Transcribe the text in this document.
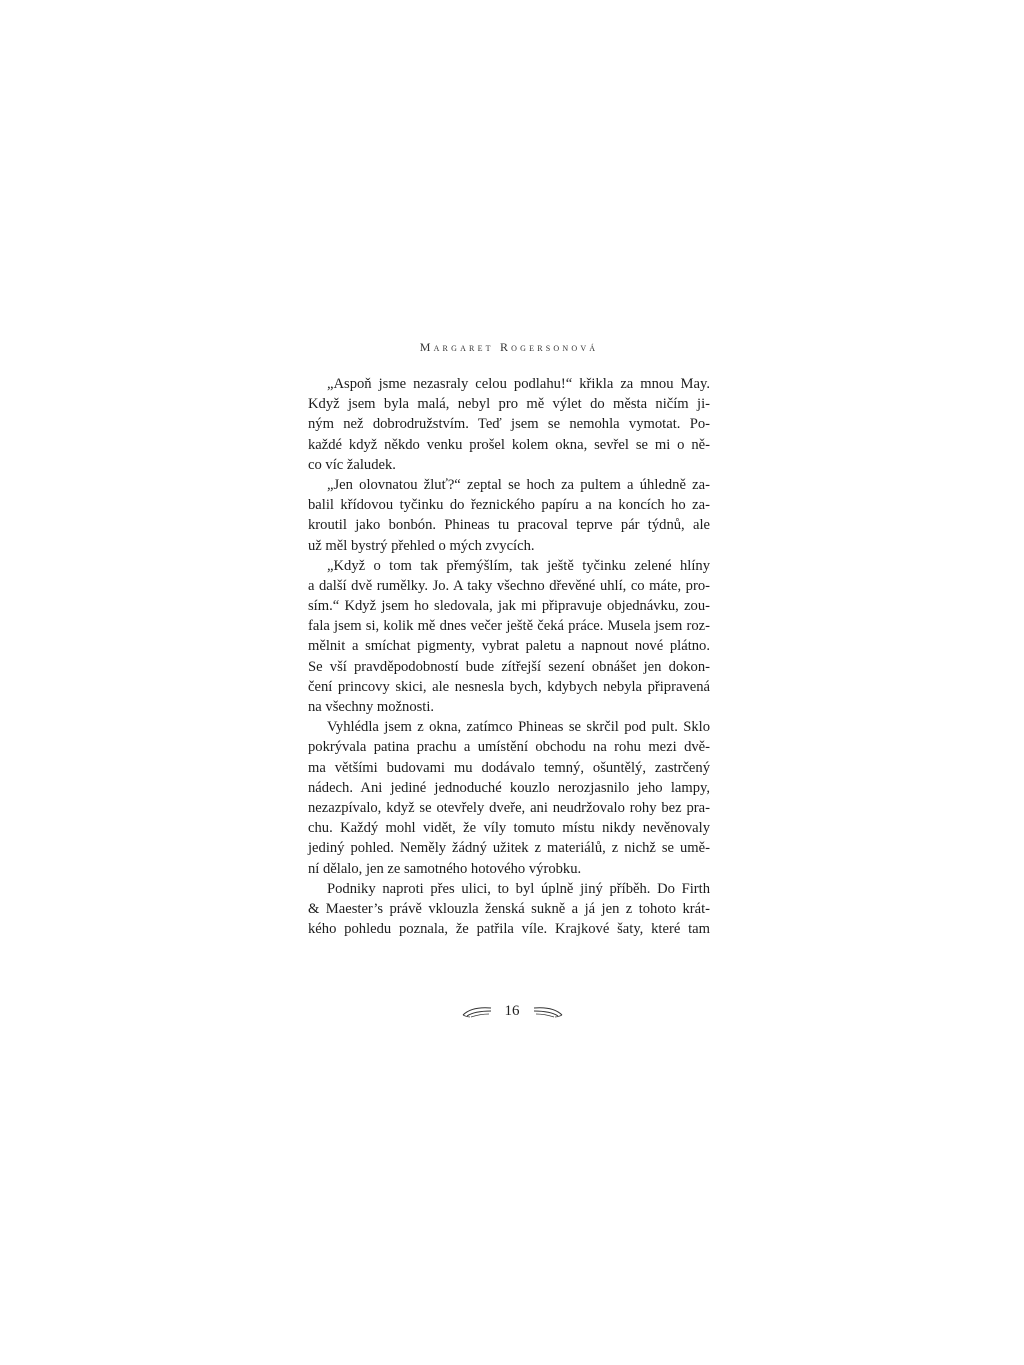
Margaret Rogersonová
„Aspoň jsme nezasraly celou podlahu!“ křikla za mnou May.
Když jsem byla malá, nebyl pro mě výlet do města ničím ji-
ným než dobrodružstvím. Teď jsem se nemohla vymotat. Po-
každé když někdo venku prošel kolem okna, sevřel se mi o ně-
co víc žaludek.
„Jen olovnatou žluť?“ zeptal se hoch za pultem a úhledně za-
balil křídovou tyčinku do řeznického papíru a na koncích ho za-
kroutil jako bonbón. Phineas tu pracoval teprve pár týdnů, ale
už měl bystrý přehled o mých zvycích.
„Když o tom tak přemýšlím, tak ještě tyčinku zelené hlíny
a další dvě rumělky. Jo. A taky všechno dřevěné uhlí, co máte, pro-
sím.“ Když jsem ho sledovala, jak mi připravuje objednávku, zou-
fala jsem si, kolik mě dnes večer ještě čeká práce. Musela jsem roz-
mělnit a smíchat pigmenty, vybrat paletu a napnout nové plátno.
Se vší pravděpodobností bude zítřejší sezení obnášet jen dokon-
čení princovy skici, ale nesnesla bych, kdybych nebyla připravená
na všechny možnosti.
Vyhlédla jsem z okna, zatímco Phineas se skrčil pod pult. Sklo
pokrývala patina prachu a umístění obchodu na rohu mezi dvě-
ma většími budovami mu dodávalo temný, ošuntělý, zastrčený
nádech. Ani jediné jednoduché kouzlo nerozjasnilo jeho lampy,
nezazpívalo, když se otevřely dveře, ani neudržovalo rohy bez pra-
chu. Každý mohl vidět, že víly tomuto místu nikdy nevěnovaly
jediný pohled. Neměly žádný užitek z materiálů, z nichž se umě-
ní dělalo, jen ze samotného hotového výrobku.
Podniky naproti přes ulici, to byl úplně jiný příběh. Do Firth
& Maester’s právě vklouzla ženská sukně a já jen z tohoto krát-
kého pohledu poznala, že patřila víle. Krajkové šaty, které tam
16
